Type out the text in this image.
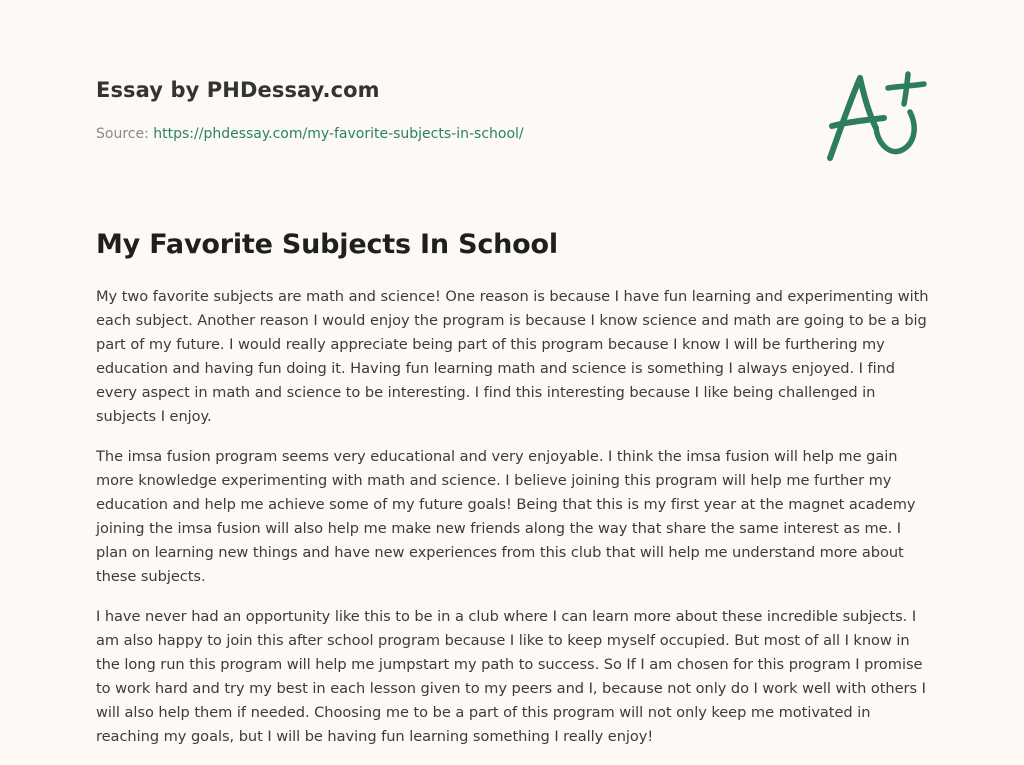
Essay by PHDessay.com
Source: https://phdessay.com/my-favorite-subjects-in-school/
My Favorite Subjects In School

My two favorite subjects are math and science! One reason is because I have fun learning and experimenting with each subject. Another reason I would enjoy the program is because I know science and math are going to be a big part of my future. I would really appreciate being part of this program because I know I will be furthering my education and having fun doing it. Having fun learning math and science is something I always enjoyed. I find every aspect in math and science to be interesting. I find this interesting because I like being challenged in subjects I enjoy.

The imsa fusion program seems very educational and very enjoyable. I think the imsa fusion will help me gain more knowledge experimenting with math and science. I believe joining this program will help me further my education and help me achieve some of my future goals! Being that this is my first year at the magnet academy joining the imsa fusion will also help me make new friends along the way that share the same interest as me. I plan on learning new things and have new experiences from this club that will help me understand more about these subjects.

I have never had an opportunity like this to be in a club where I can learn more about these incredible subjects. I am also happy to join this after school program because I like to keep myself occupied. But most of all I know in the long run this program will help me jumpstart my path to success. So If I am chosen for this program I promise to work hard and try my best in each lesson given to my peers and I, because not only do I work well with others I will also help them if needed. Choosing me to be a part of this program will not only keep me motivated in reaching my goals, but I will be having fun learning something I really enjoy!
